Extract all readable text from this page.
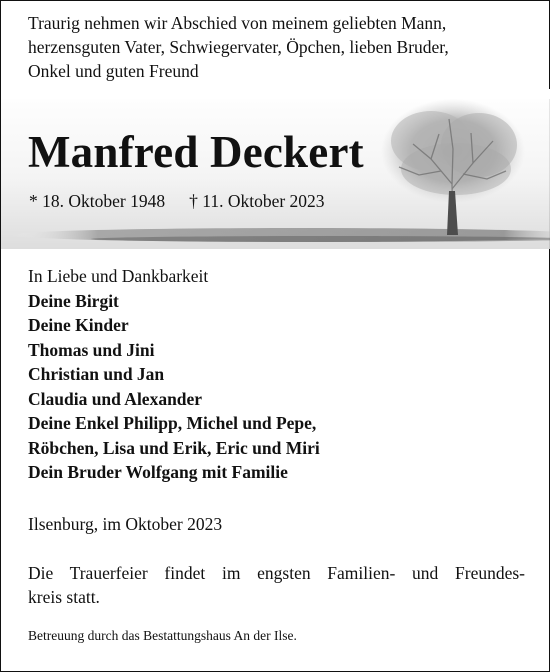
Traurig nehmen wir Abschied von meinem geliebten Mann,
herzensguten Vater, Schwiegervater, Öpchen, lieben Bruder,
Onkel und guten Freund
Manfred Deckert
* 18. Oktober 1948 † 11. Oktober 2023
In Liebe und Dankbarkeit
Deine Birgit
Deine Kinder
Thomas und Jini
Christian und Jan
Claudia und Alexander
Deine Enkel Philipp, Michel und Pepe,
Röbchen, Lisa und Erik, Eric und Miri
Dein Bruder Wolfgang mit Familie
Ilsenburg, im Oktober 2023
Die Trauerfeier findet im engsten Familien- und Freundes-
kreis statt.
Betreuung durch das Bestattungshaus An der Ilse.
